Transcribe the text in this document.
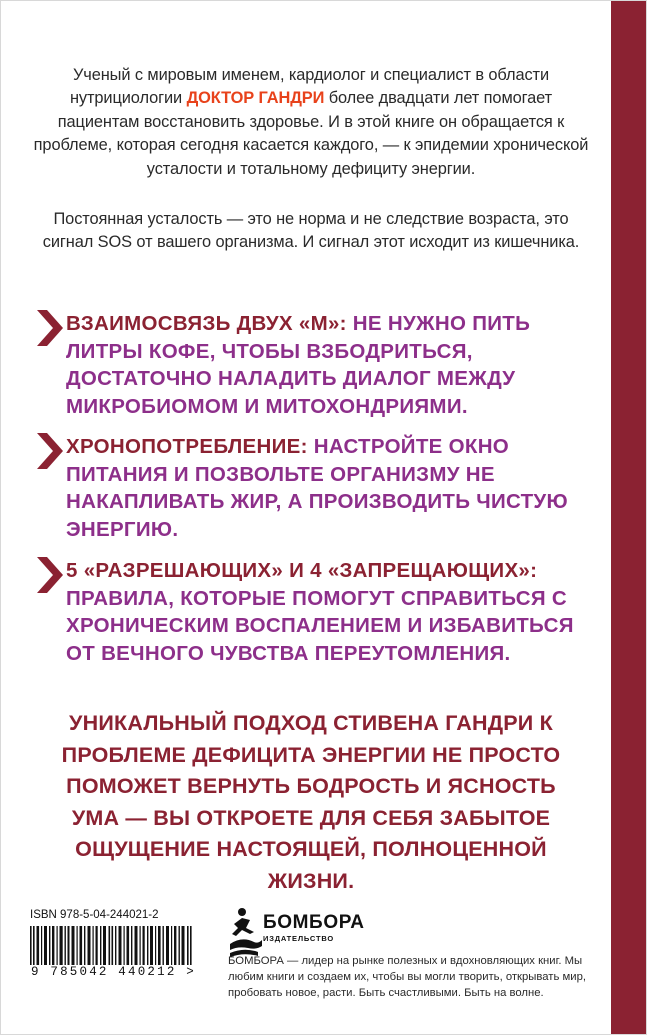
Ученый с мировым именем, кардиолог и специалист в области нутрициологии ДОКТОР ГАНДРИ более двадцати лет помогает пациентам восстановить здоровье. И в этой книге он обращается к проблеме, которая сегодня касается каждого, — к эпидемии хронической усталости и тотальному дефициту энергии.

Постоянная усталость — это не норма и не следствие возраста, это сигнал SOS от вашего организма. И сигнал этот исходит из кишечника.

ВЗАИМОСВЯЗЬ ДВУХ «М»: НЕ НУЖНО ПИТЬ ЛИТРЫ КОФЕ, ЧТОБЫ ВЗБОДРИТЬСЯ, ДОСТАТОЧНО НАЛАДИТЬ ДИАЛОГ МЕЖДУ МИКРОБИОМОМ И МИТОХОНДРИЯМИ.
ХРОНОПОТРЕБЛЕНИЕ: НАСТРОЙТЕ ОКНО ПИТАНИЯ И ПОЗВОЛЬТЕ ОРГАНИЗМУ НЕ НАКАПЛИВАТЬ ЖИР, А ПРОИЗВОДИТЬ ЧИСТУЮ ЭНЕРГИЮ.
5 «РАЗРЕШАЮЩИХ» И 4 «ЗАПРЕЩАЮЩИХ»: ПРАВИЛА, КОТОРЫЕ ПОМОГУТ СПРАВИТЬСЯ С ХРОНИЧЕСКИМ ВОСПАЛЕНИЕМ И ИЗБАВИТЬСЯ ОТ ВЕЧНОГО ЧУВСТВА ПЕРЕУТОМЛЕНИЯ.

УНИКАЛЬНЫЙ ПОДХОД СТИВЕНА ГАНДРИ К ПРОБЛЕМЕ ДЕФИЦИТА ЭНЕРГИИ НЕ ПРОСТО ПОМОЖЕТ ВЕРНУТЬ БОДРОСТЬ И ЯСНОСТЬ УМА — ВЫ ОТКРОЕТЕ ДЛЯ СЕБЯ ЗАБЫТОЕ ОЩУЩЕНИЕ НАСТОЯЩЕЙ, ПОЛНОЦЕННОЙ ЖИЗНИ.

ISBN 978-5-04-244021-2
9 785042 440212 >
БОМБОРА
ИЗДАТЕЛЬСТВО

БОМБОРА — лидер на рынке полезных и вдохновляющих книг. Мы любим книги и создаем их, чтобы вы могли творить, открывать мир, пробовать новое, расти. Быть счастливыми. Быть на волне.
